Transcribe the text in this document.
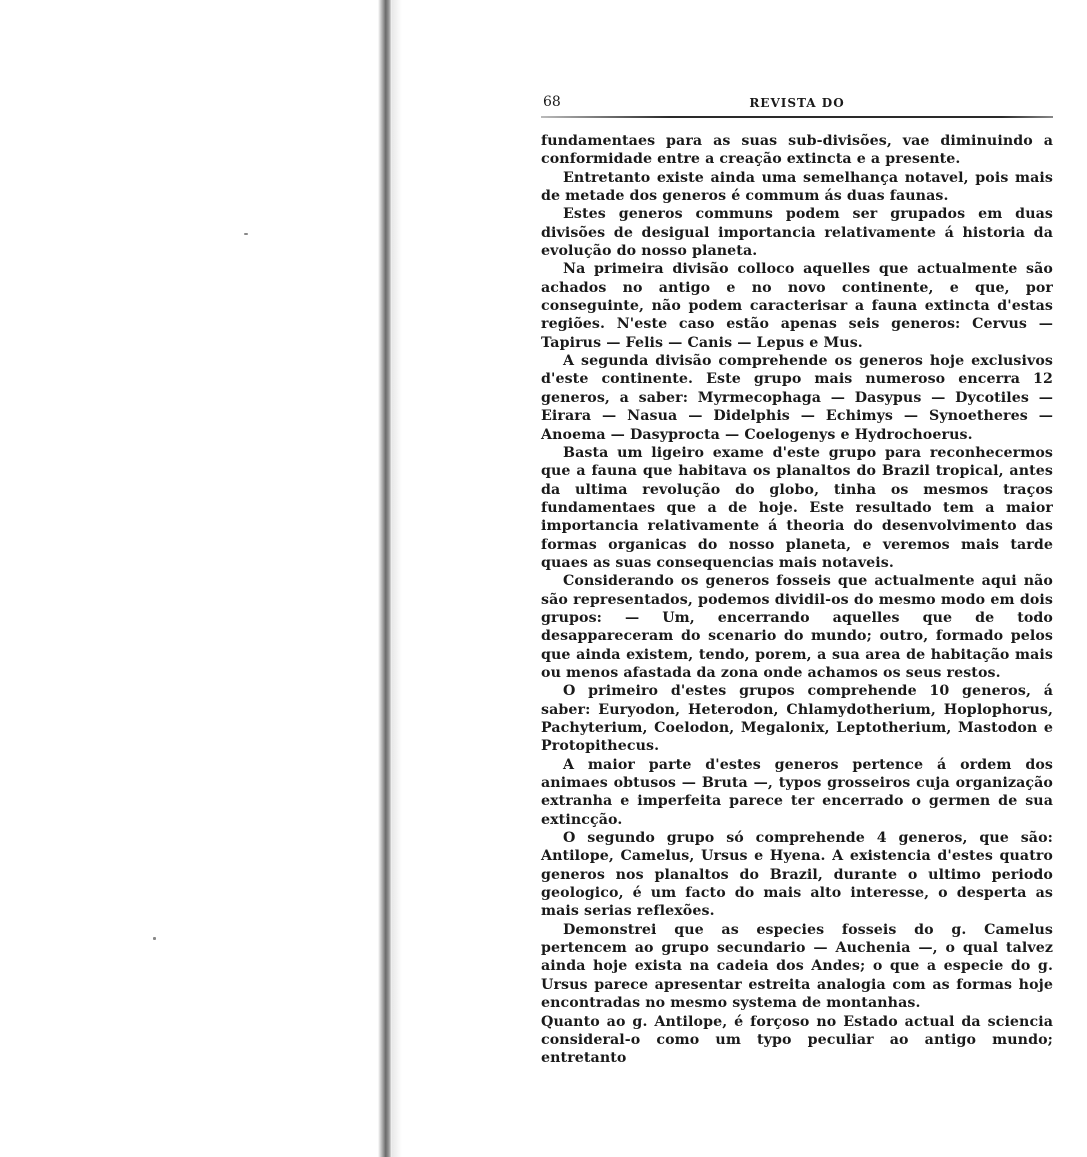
68	REVISTA DO

fundamentaes para as suas sub-divisões, vae diminuindo a conformidade entre a creação extincta e a presente.

Entretanto existe ainda uma semelhança notavel, pois mais de metade dos generos é commum ás duas faunas.

Estes generos communs podem ser grupados em duas divisões de desigual importancia relativamente á historia da evolução do nosso planeta.

Na primeira divisão colloco aquelles que actualmente são achados no antigo e no novo continente, e que, por conseguinte, não podem caracterisar a fauna extincta d'estas regiões. N'este caso estão apenas seis generos: Cervus — Tapirus — Felis — Canis — Lepus e Mus.

A segunda divisão comprehende os generos hoje exclusivos d'este continente. Este grupo mais numeroso encerra 12 generos, a saber: Myrmecophaga — Dasypus — Dycotiles — Eirara — Nasua — Didelphis — Echimys — Synoetheres — Anoema — Dasyprocta — Coelogenys e Hydrochoerus.

Basta um ligeiro exame d'este grupo para reconhecermos que a fauna que habitava os planaltos do Brazil tropical, antes da ultima revolução do globo, tinha os mesmos traços fundamentaes que a de hoje. Este resultado tem a maior importancia relativamente á theoria do desenvolvimento das formas organicas do nosso planeta, e veremos mais tarde quaes as suas consequencias mais notaveis.

Considerando os generos fosseis que actualmente aqui não são representados, podemos dividil-os do mesmo modo em dois grupos: — Um, encerrando aquelles que de todo desappareceram do scenario do mundo; outro, formado pelos que ainda existem, tendo, porem, a sua area de habitação mais ou menos afastada da zona onde achamos os seus restos.

O primeiro d'estes grupos comprehende 10 generos, á saber: Euryodon, Heterodon, Chlamydotherium, Hoplophorus, Pachyterium, Coelodon, Megalonix, Leptotherium, Mastodon e Protopithecus.

A maior parte d'estes generos pertence á ordem dos animaes obtusos — Bruta —, typos grosseiros cuja organização extranha e imperfeita parece ter encerrado o germen de sua extincção.

O segundo grupo só comprehende 4 generos, que são: Antilope, Camelus, Ursus e Hyena. A existencia d'estes quatro generos nos planaltos do Brazil, durante o ultimo periodo geologico, é um facto do mais alto interesse, o desperta as mais serias reflexões.

Demonstrei que as especies fosseis do g. Camelus pertencem ao grupo secundario — Auchenia —, o qual talvez ainda hoje exista na cadeia dos Andes; o que a especie do g. Ursus parece apresentar estreita analogia com as formas hoje encontradas no mesmo systema de montanhas.

Quanto ao g. Antilope, é forçoso no Estado actual da sciencia consideral-o como um typo peculiar ao antigo mundo; entretanto
